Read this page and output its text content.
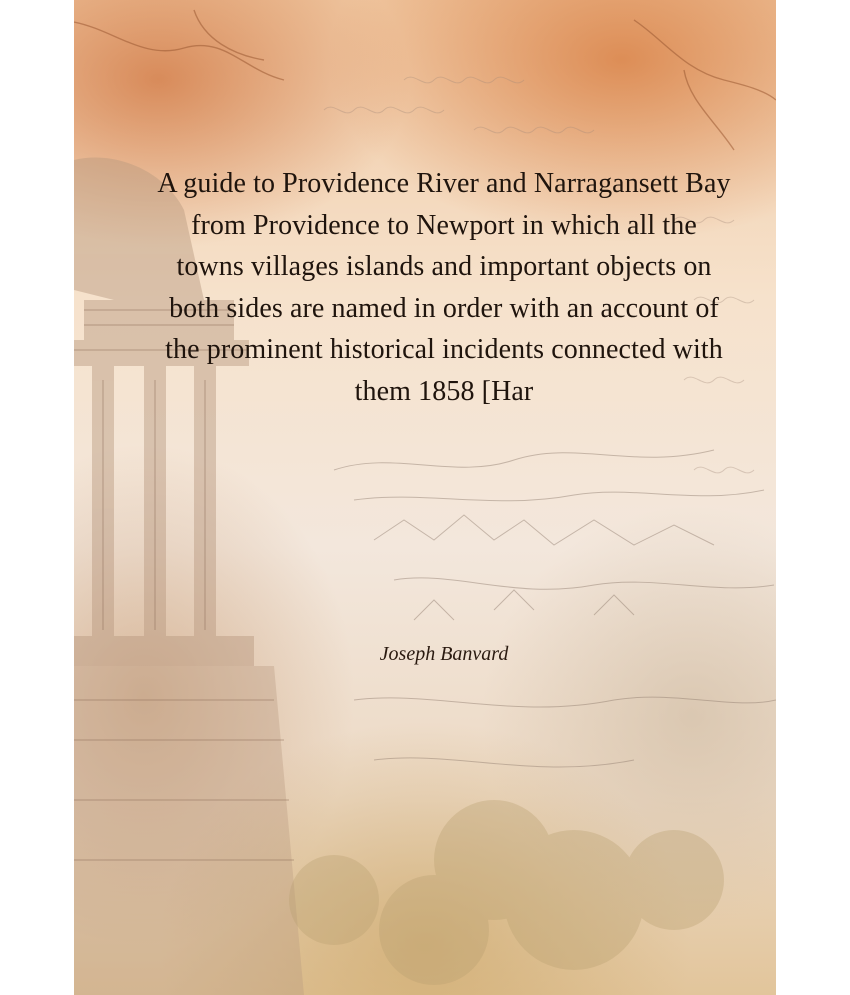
A guide to Providence River and Narragansett Bay from Providence to Newport in which all the towns villages islands and important objects on both sides are named in order with an account of the prominent historical incidents connected with them 1858 [Har
Joseph Banvard
